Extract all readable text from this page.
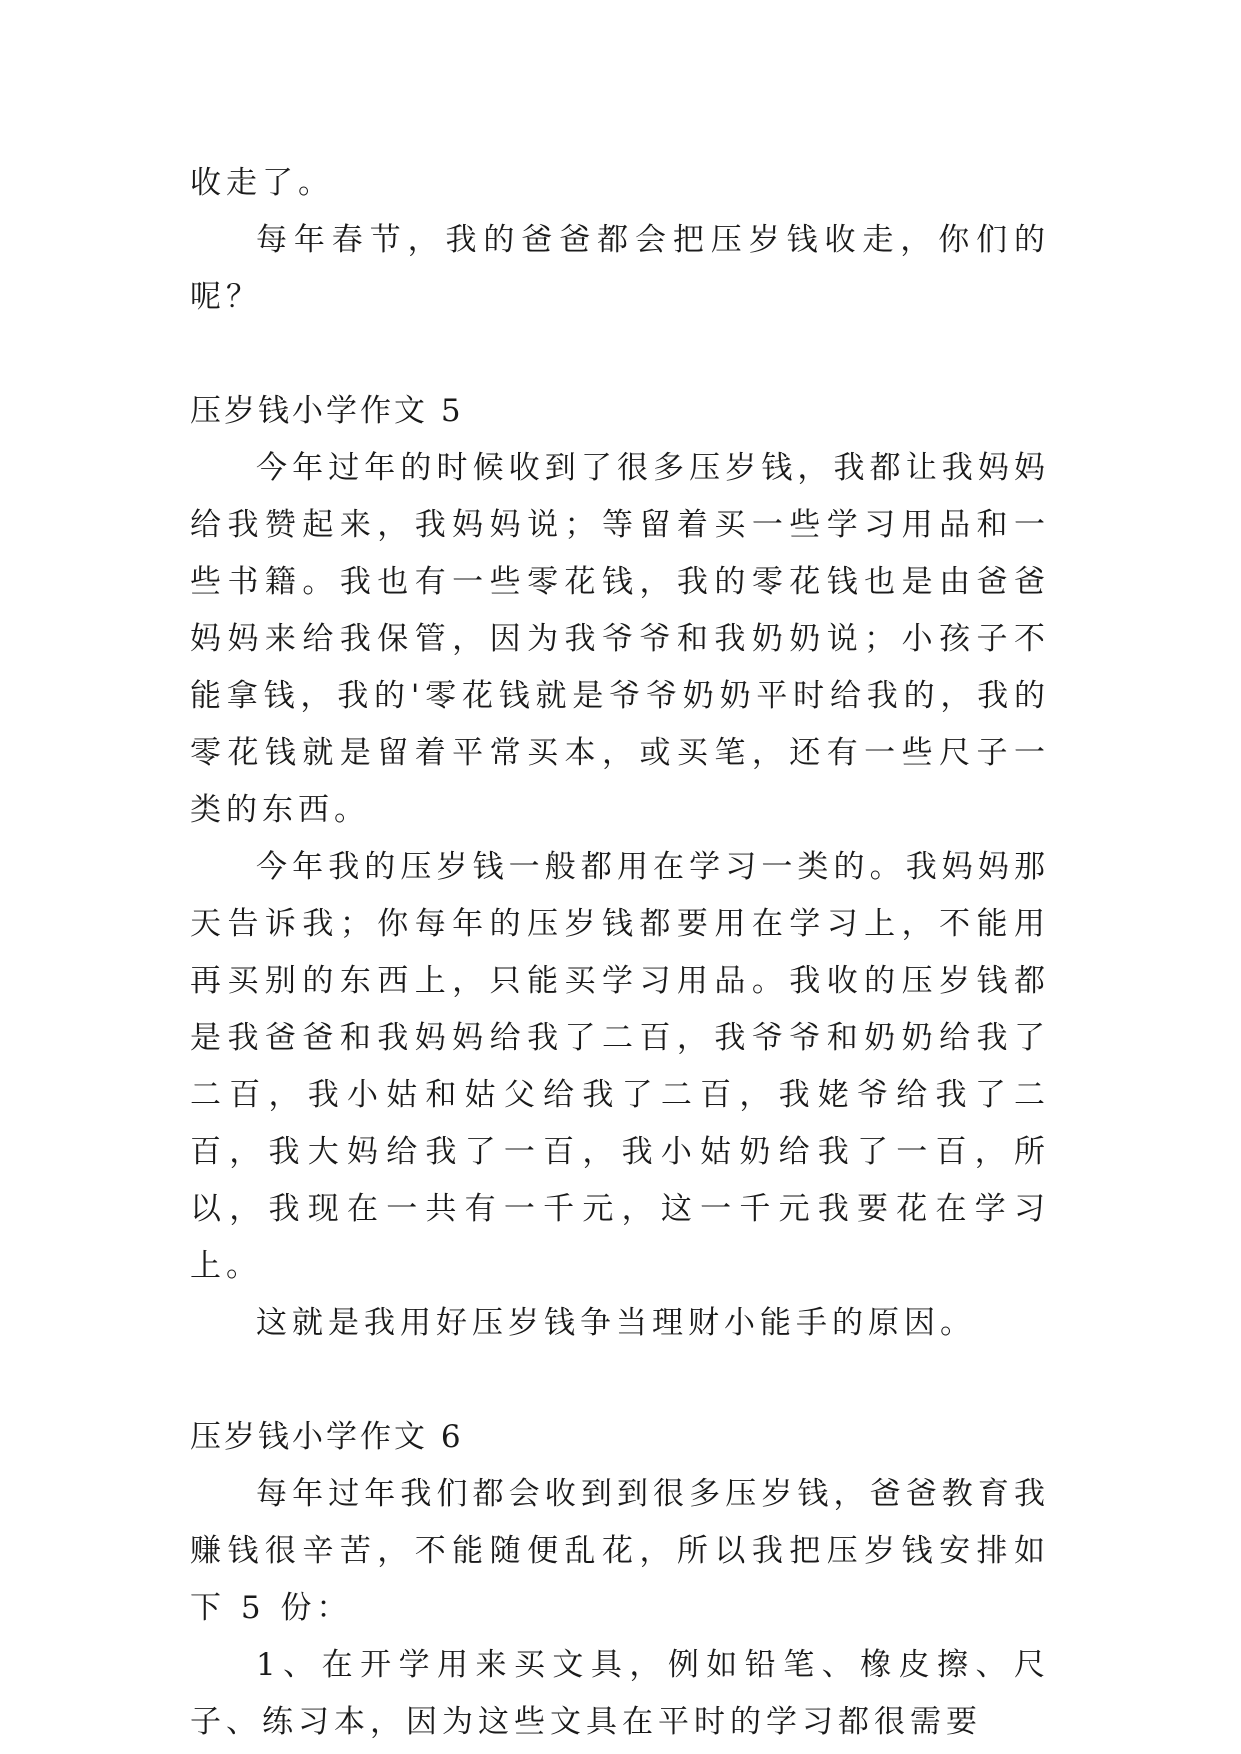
收走了。

每年春节，我的爸爸都会把压岁钱收走，你们的呢？

压岁钱小学作文 5

今年过年的时候收到了很多压岁钱，我都让我妈妈给我赞起来，我妈妈说；等留着买一些学习用品和一些书籍。我也有一些零花钱，我的零花钱也是由爸爸妈妈来给我保管，因为我爷爷和我奶奶说；小孩子不能拿钱，我的'零花钱就是爷爷奶奶平时给我的，我的零花钱就是留着平常买本，或买笔，还有一些尺子一类的东西。

今年我的压岁钱一般都用在学习一类的。我妈妈那天告诉我；你每年的压岁钱都要用在学习上，不能用再买别的东西上，只能买学习用品。我收的压岁钱都是我爸爸和我妈妈给我了二百，我爷爷和奶奶给我了二百，我小姑和姑父给我了二百，我姥爷给我了二百，我大妈给我了一百，我小姑奶给我了一百，所以，我现在一共有一千元，这一千元我要花在学习上。

这就是我用好压岁钱争当理财小能手的原因。

压岁钱小学作文 6

每年过年我们都会收到到很多压岁钱，爸爸教育我赚钱很辛苦，不能随便乱花，所以我把压岁钱安排如下 5 份：

1、在开学用来买文具，例如铅笔、橡皮擦、尺子、练习本，因为这些文具在平时的学习都很需要
